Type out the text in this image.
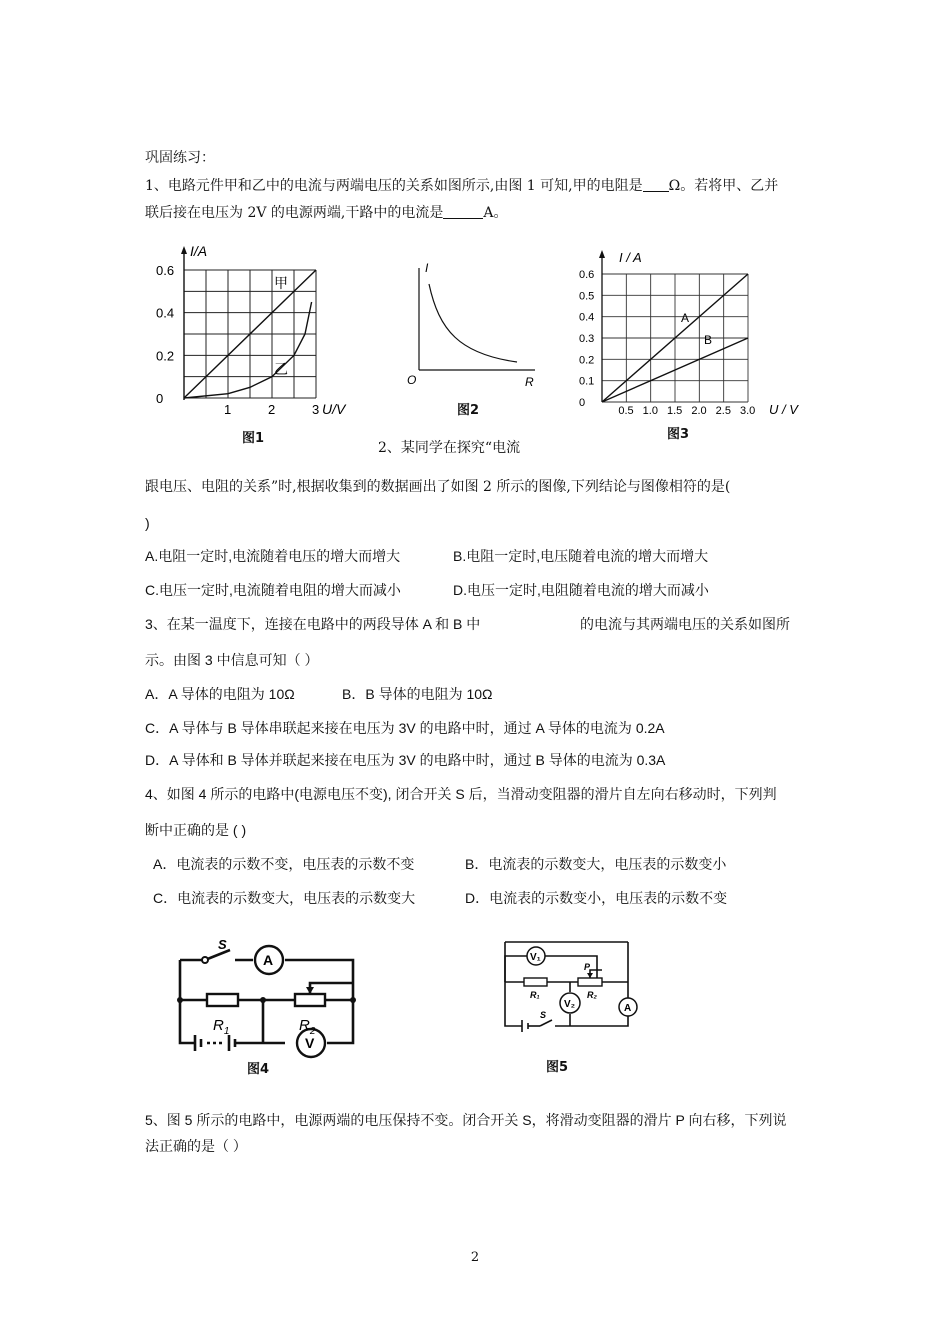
巩固练习：
1、电路元件甲和乙中的电流与两端电压的关系如图所示,由图 1 可知,甲的电阻是 Ω。若将甲、乙并
联后接在电压为 2V 的电源两端,干路中的电流是	A。
I/A
U/V
甲
乙
0.6
0.4
0.2
0
1	2	3
图1
I
R
O
图2
I / A
U / V
A
B
0.6
0.5
0.4
0.3
0.2
0.1
0
0.5 1.0 1.5 2.0 2.5 3.0
图3
2、某同学在探究“电流
跟电压、电阻的关系”时,根据收集到的数据画出了如图 2 所示的图像,下列结论与图像相符的是(
)
A.电阻一定时,电流随着电压的增大而增大	B.电阻一定时,电压随着电流的增大而增大
C.电压一定时,电流随着电阻的增大而减小	D.电压一定时,电阻随着电流的增大而减小
3、在某一温度下，连接在电路中的两段导体 A 和 B 中	的电流与其两端电压的关系如图所
示。由图 3 中信息可知（ ）
A．A 导体的电阻为 10Ω	B．B 导体的电阻为 10Ω
C．A 导体与 B 导体串联起来接在电压为 3V 的电路中时，通过 A 导体的电流为 0.2A
D．A 导体和 B 导体并联起来接在电压为 3V 的电路中时，通过 B 导体的电流为 0.3A
4、如图 4 所示的电路中(电源电压不变), 闭合开关 S 后，当滑动变阻器的滑片自左向右移动时，下列判
断中正确的是 ( )
A．电流表的示数不变，电压表的示数不变	B．电流表的示数变大，电压表的示数变小
C．电流表的示数变大，电压表的示数变大	D．电流表的示数变小，电压表的示数不变
A
V
S
$R_1$	$R_2$
图4
V₁
V₂	A
R₁	R₂
P
S
图5
5、图 5 所示的电路中，电源两端的电压保持不变。闭合开关 S，将滑动变阻器的滑片 P 向右移，下列说
法正确的是（ ）
2
